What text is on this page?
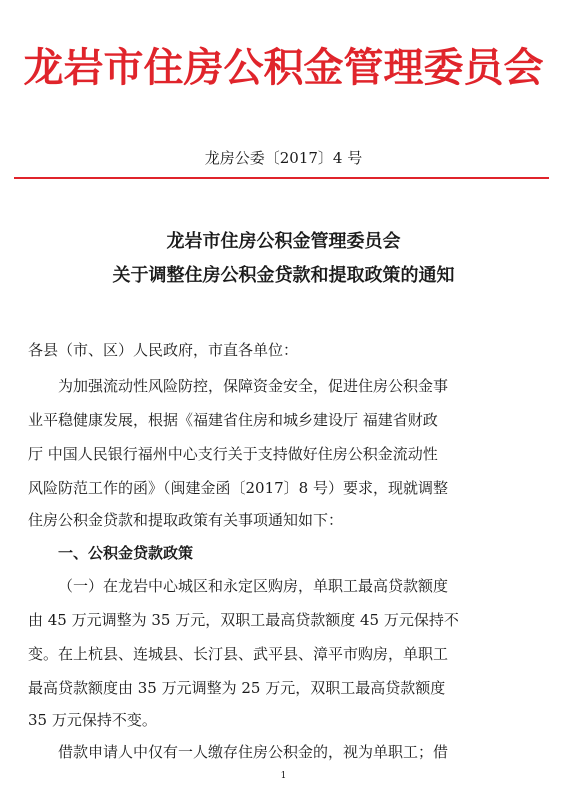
龙岩市住房公积金管理委员会
龙房公委〔2017〕4 号
龙岩市住房公积金管理委员会
关于调整住房公积金贷款和提取政策的通知
各县（市、区）人民政府，市直各单位：
为加强流动性风险防控，保障资金安全，促进住房公积金事
业平稳健康发展，根据《福建省住房和城乡建设厅 福建省财政
厅 中国人民银行福州中心支行关于支持做好住房公积金流动性
风险防范工作的函》（闽建金函〔2017〕8 号）要求，现就调整
住房公积金贷款和提取政策有关事项通知如下：
一、公积金贷款政策
（一）在龙岩中心城区和永定区购房，单职工最高贷款额度
由 45 万元调整为 35 万元，双职工最高贷款额度 45 万元保持不
变。在上杭县、连城县、长汀县、武平县、漳平市购房，单职工
最高贷款额度由 35 万元调整为 25 万元，双职工最高贷款额度
35 万元保持不变。
借款申请人中仅有一人缴存住房公积金的，视为单职工；借
1
